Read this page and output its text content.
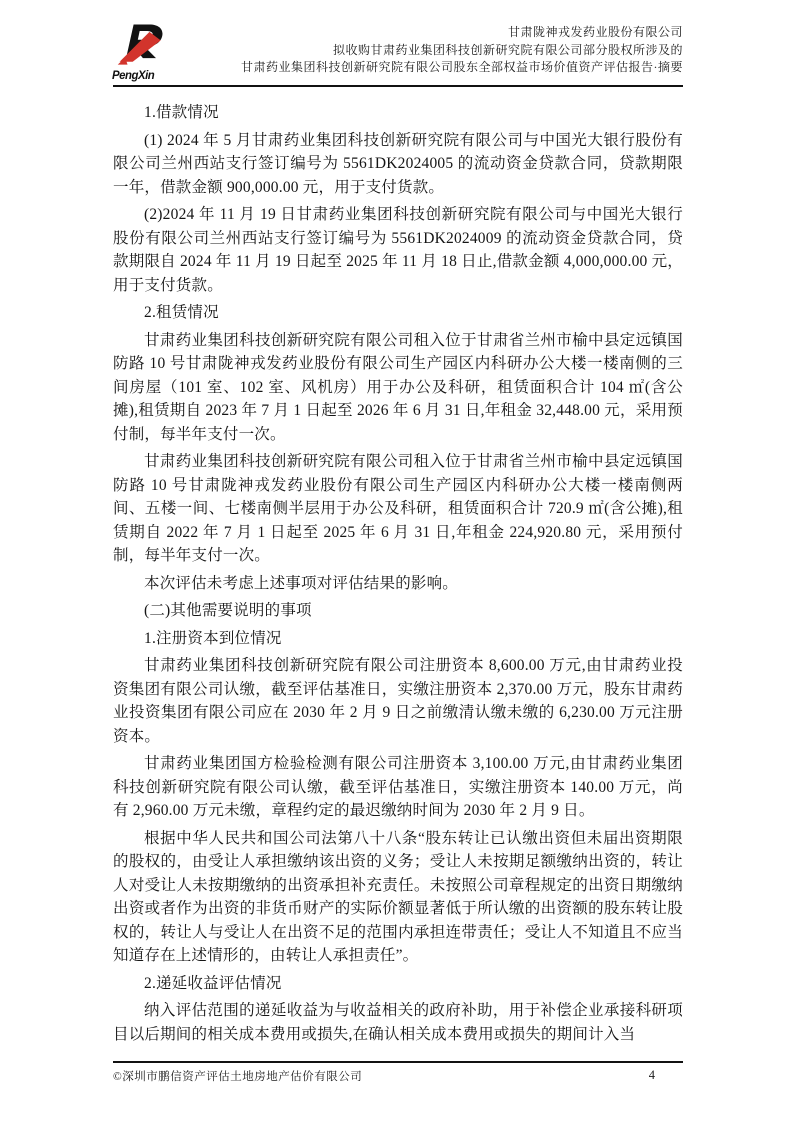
PengXin
甘肃陇神戎发药业股份有限公司
拟收购甘肃药业集团科技创新研究院有限公司部分股权所涉及的
甘肃药业集团科技创新研究院有限公司股东全部权益市场价值资产评估报告·摘要

1.借款情况

(1) 2024 年 5 月甘肃药业集团科技创新研究院有限公司与中国光大银行股份有限公司兰州西站支行签订编号为 5561DK2024005 的流动资金贷款合同，贷款期限一年，借款金额 900,000.00 元，用于支付货款。

(2)2024 年 11 月 19 日甘肃药业集团科技创新研究院有限公司与中国光大银行股份有限公司兰州西站支行签订编号为 5561DK2024009 的流动资金贷款合同，贷款期限自 2024 年 11 月 19 日起至 2025 年 11 月 18 日止,借款金额 4,000,000.00 元，用于支付货款。

2.租赁情况

甘肃药业集团科技创新研究院有限公司租入位于甘肃省兰州市榆中县定远镇国防路 10 号甘肃陇神戎发药业股份有限公司生产园区内科研办公大楼一楼南侧的三间房屋（101 室、102 室、风机房）用于办公及科研，租赁面积合计 104 ㎡(含公摊),租赁期自 2023 年 7 月 1 日起至 2026 年 6 月 31 日,年租金 32,448.00 元，采用预付制，每半年支付一次。

甘肃药业集团科技创新研究院有限公司租入位于甘肃省兰州市榆中县定远镇国防路 10 号甘肃陇神戎发药业股份有限公司生产园区内科研办公大楼一楼南侧两间、五楼一间、七楼南侧半层用于办公及科研，租赁面积合计 720.9 ㎡(含公摊),租赁期自 2022 年 7 月 1 日起至 2025 年 6 月 31 日,年租金 224,920.80 元，采用预付制，每半年支付一次。

本次评估未考虑上述事项对评估结果的影响。

(二)其他需要说明的事项

1.注册资本到位情况

甘肃药业集团科技创新研究院有限公司注册资本 8,600.00 万元,由甘肃药业投资集团有限公司认缴，截至评估基准日，实缴注册资本 2,370.00 万元，股东甘肃药业投资集团有限公司应在 2030 年 2 月 9 日之前缴清认缴未缴的 6,230.00 万元注册资本。

甘肃药业集团国方检验检测有限公司注册资本 3,100.00 万元,由甘肃药业集团科技创新研究院有限公司认缴，截至评估基准日，实缴注册资本 140.00 万元，尚有 2,960.00 万元未缴，章程约定的最迟缴纳时间为 2030 年 2 月 9 日。

根据中华人民共和国公司法第八十八条“股东转让已认缴出资但未届出资期限的股权的，由受让人承担缴纳该出资的义务；受让人未按期足额缴纳出资的，转让人对受让人未按期缴纳的出资承担补充责任。未按照公司章程规定的出资日期缴纳出资或者作为出资的非货币财产的实际价额显著低于所认缴的出资额的股东转让股权的，转让人与受让人在出资不足的范围内承担连带责任；受让人不知道且不应当知道存在上述情形的，由转让人承担责任”。

2.递延收益评估情况

纳入评估范围的递延收益为与收益相关的政府补助，用于补偿企业承接科研项目以后期间的相关成本费用或损失,在确认相关成本费用或损失的期间计入当

©深圳市鹏信资产评估土地房地产估价有限公司	4
